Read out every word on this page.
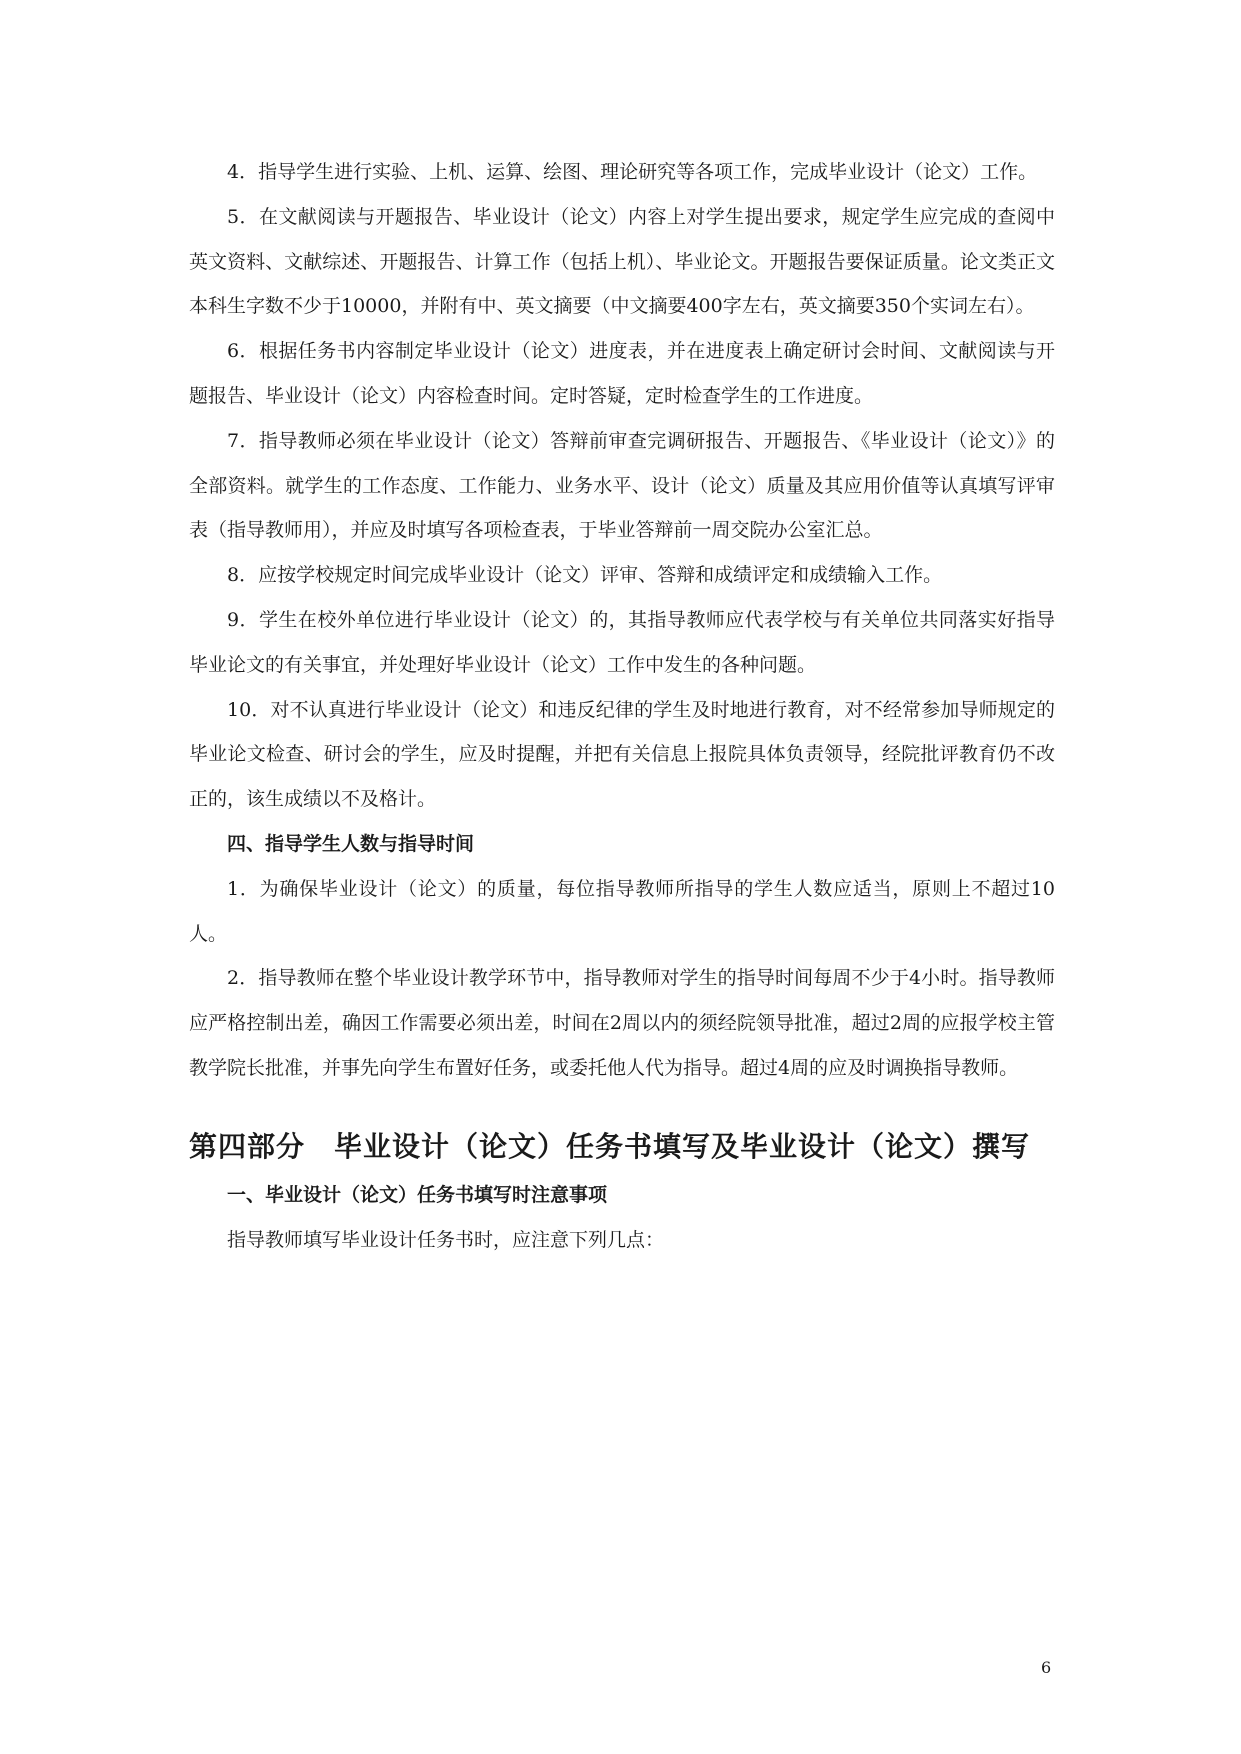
4．指导学生进行实验、上机、运算、绘图、理论研究等各项工作，完成毕业设计（论文）工作。

5．在文献阅读与开题报告、毕业设计（论文）内容上对学生提出要求，规定学生应完成的查阅中英文资料、文献综述、开题报告、计算工作（包括上机）、毕业论文。开题报告要保证质量。论文类正文本科生字数不少于10000，并附有中、英文摘要（中文摘要400字左右，英文摘要350个实词左右）。

6．根据任务书内容制定毕业设计（论文）进度表，并在进度表上确定研讨会时间、文献阅读与开题报告、毕业设计（论文）内容检查时间。定时答疑，定时检查学生的工作进度。

7．指导教师必须在毕业设计（论文）答辩前审查完调研报告、开题报告、《毕业设计（论文）》的全部资料。就学生的工作态度、工作能力、业务水平、设计（论文）质量及其应用价值等认真填写评审表（指导教师用），并应及时填写各项检查表，于毕业答辩前一周交院办公室汇总。

8．应按学校规定时间完成毕业设计（论文）评审、答辩和成绩评定和成绩输入工作。

9．学生在校外单位进行毕业设计（论文）的，其指导教师应代表学校与有关单位共同落实好指导毕业论文的有关事宜，并处理好毕业设计（论文）工作中发生的各种问题。

10．对不认真进行毕业设计（论文）和违反纪律的学生及时地进行教育，对不经常参加导师规定的毕业论文检查、研讨会的学生，应及时提醒，并把有关信息上报院具体负责领导，经院批评教育仍不改正的，该生成绩以不及格计。

四、指导学生人数与指导时间

1．为确保毕业设计（论文）的质量，每位指导教师所指导的学生人数应适当，原则上不超过10人。

2．指导教师在整个毕业设计教学环节中，指导教师对学生的指导时间每周不少于4小时。指导教师应严格控制出差，确因工作需要必须出差，时间在2周以内的须经院领导批准，超过2周的应报学校主管教学院长批准，并事先向学生布置好任务，或委托他人代为指导。超过4周的应及时调换指导教师。

第四部分　毕业设计（论文）任务书填写及毕业设计（论文）撰写

一、毕业设计（论文）任务书填写时注意事项

指导教师填写毕业设计任务书时，应注意下列几点：

6
